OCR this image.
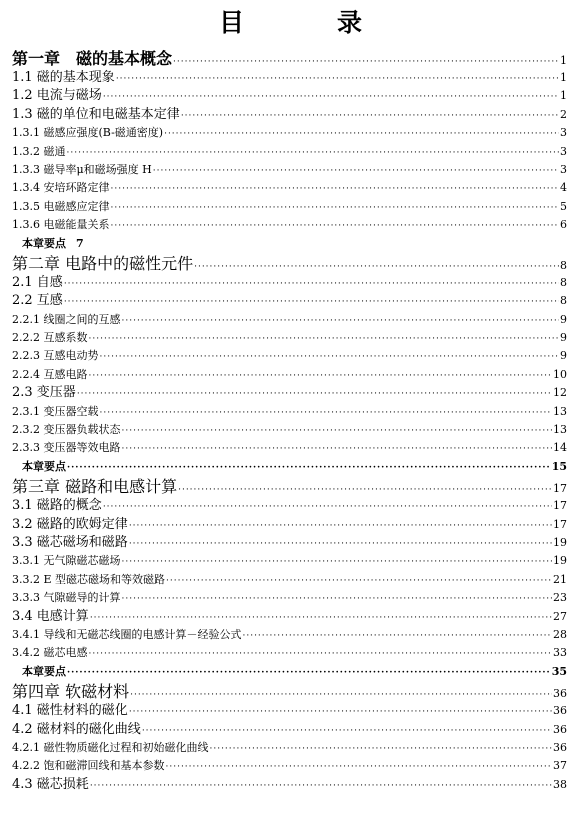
目　录
第一章　磁的基本概念 ·····	1
1.1 磁的基本现象 ·····	1
1.2 电流与磁场 ·····	1
1.3 磁的单位和电磁基本定律 ·····	2
1.3.1 磁感应强度(B-磁通密度) ·····	3
1.3.2 磁通 ·····	3
1.3.3 磁导率μ和磁场强度 H ·····	3
1.3.4 安培环路定律 ·····	4
1.3.5 电磁感应定律 ·····	5
1.3.6 电磁能量关系 ·····	6
本章要点 7
第二章 电路中的磁性元件 ·····	8
2.1 自感 ·····	8
2.2 互感 ·····	8
2.2.1 线圈之间的互感 ·····	9
2.2.2 互感系数 ·····	9
2.2.3 互感电动势 ·····	9
2.2.4 互感电路 ·····	10
2.3 变压器 ·····	12
2.3.1 变压器空载 ·····	13
2.3.2 变压器负载状态 ·····	13
2.3.3 变压器等效电路 ·····	14
本章要点 ·····	15
第三章 磁路和电感计算 ·····	17
3.1 磁路的概念 ·····	17
3.2 磁路的欧姆定律 ·····	17
3.3 磁芯磁场和磁路 ·····	19
3.3.1 无气隙磁芯磁场 ·····	19
3.3.2 E 型磁芯磁场和等效磁路 ·····	21
3.3.3 气隙磁导的计算 ·····	23
3.4 电感计算 ·····	27
3.4.1 导线和无磁芯线圈的电感计算－经验公式 ·····	28
3.4.2 磁芯电感 ·····	33
本章要点 ·····	35
第四章 软磁材料 ·····	36
4.1 磁性材料的磁化 ·····	36
4.2 磁材料的磁化曲线 ·····	36
4.2.1 磁性物质磁化过程和初始磁化曲线 ·····	36
4.2.2 饱和磁滞回线和基本参数 ·····	37
4.3 磁芯损耗 ·····	38
